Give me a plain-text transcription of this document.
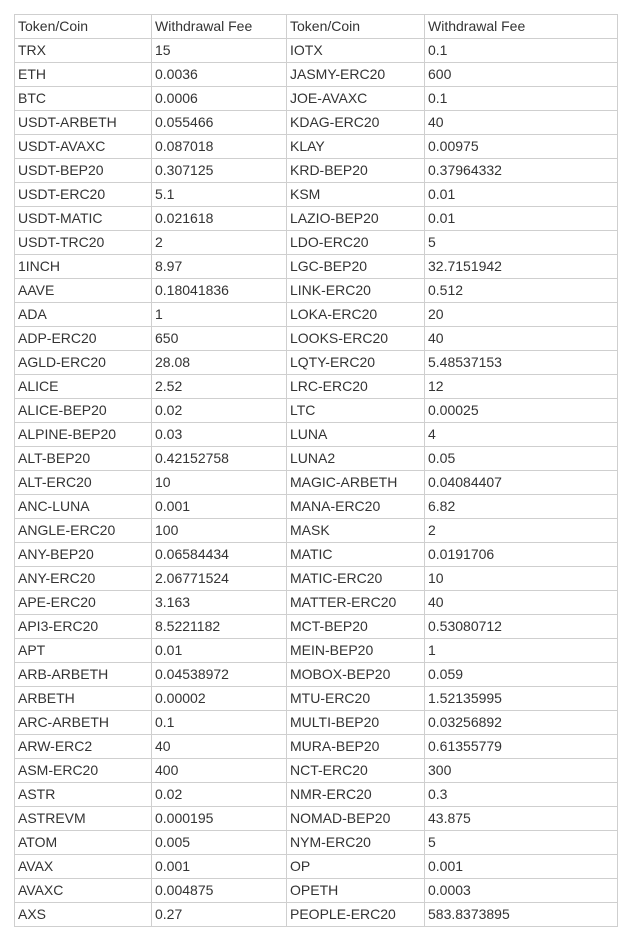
Token/Coin	Withdrawal Fee	Token/Coin	Withdrawal Fee
TRX	15	IOTX	0.1
ETH	0.0036	JASMY-ERC20	600
BTC	0.0006	JOE-AVAXC	0.1
USDT-ARBETH	0.055466	KDAG-ERC20	40
USDT-AVAXC	0.087018	KLAY	0.00975
USDT-BEP20	0.307125	KRD-BEP20	0.37964332
USDT-ERC20	5.1	KSM	0.01
USDT-MATIC	0.021618	LAZIO-BEP20	0.01
USDT-TRC20	2	LDO-ERC20	5
1INCH	8.97	LGC-BEP20	32.7151942
AAVE	0.18041836	LINK-ERC20	0.512
ADA	1	LOKA-ERC20	20
ADP-ERC20	650	LOOKS-ERC20	40
AGLD-ERC20	28.08	LQTY-ERC20	5.48537153
ALICE	2.52	LRC-ERC20	12
ALICE-BEP20	0.02	LTC	0.00025
ALPINE-BEP20	0.03	LUNA	4
ALT-BEP20	0.42152758	LUNA2	0.05
ALT-ERC20	10	MAGIC-ARBETH	0.04084407
ANC-LUNA	0.001	MANA-ERC20	6.82
ANGLE-ERC20	100	MASK	2
ANY-BEP20	0.06584434	MATIC	0.0191706
ANY-ERC20	2.06771524	MATIC-ERC20	10
APE-ERC20	3.163	MATTER-ERC20	40
API3-ERC20	8.5221182	MCT-BEP20	0.53080712
APT	0.01	MEIN-BEP20	1
ARB-ARBETH	0.04538972	MOBOX-BEP20	0.059
ARBETH	0.00002	MTU-ERC20	1.52135995
ARC-ARBETH	0.1	MULTI-BEP20	0.03256892
ARW-ERC2	40	MURA-BEP20	0.61355779
ASM-ERC20	400	NCT-ERC20	300
ASTR	0.02	NMR-ERC20	0.3
ASTREVM	0.000195	NOMAD-BEP20	43.875
ATOM	0.005	NYM-ERC20	5
AVAX	0.001	OP	0.001
AVAXC	0.004875	OPETH	0.0003
AXS	0.27	PEOPLE-ERC20	583.8373895
